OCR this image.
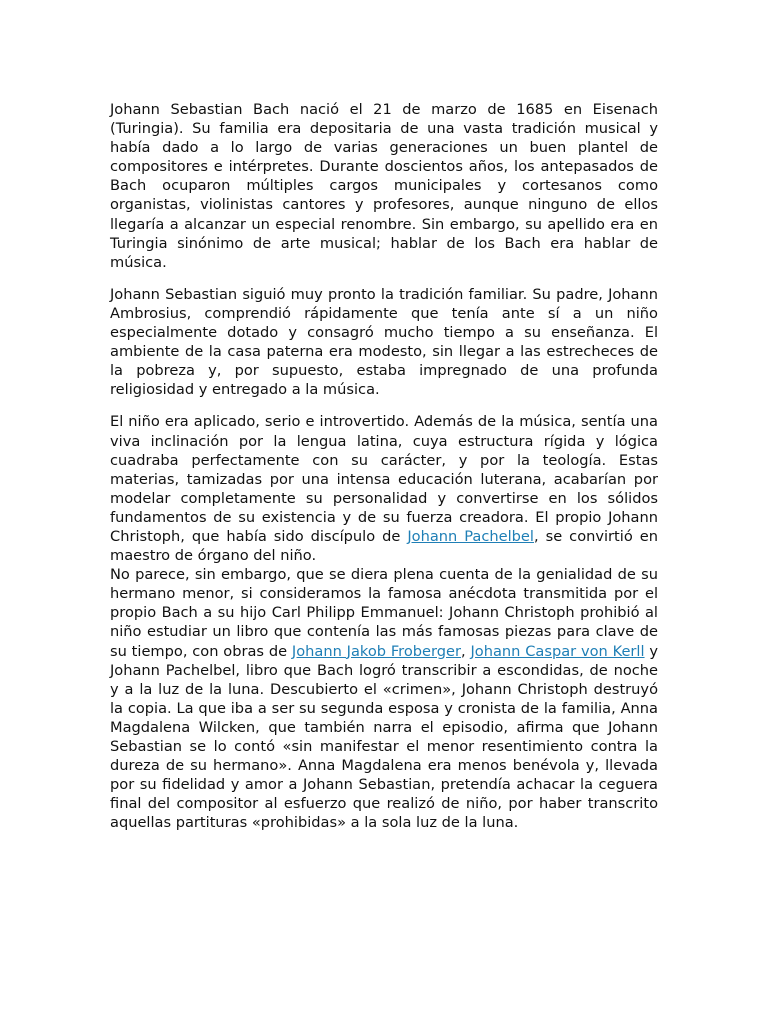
Johann Sebastian Bach nació el 21 de marzo de 1685 en Eisenach (Turingia). Su familia era depositaria de una vasta tradición musical y había dado a lo largo de varias generaciones un buen plantel de compositores e intérpretes. Durante doscientos años, los antepasados de Bach ocuparon múltiples cargos municipales y cortesanos como organistas, violinistas cantores y profesores, aunque ninguno de ellos llegaría a alcanzar un especial renombre. Sin embargo, su apellido era en Turingia sinónimo de arte musical; hablar de los Bach era hablar de música.

Johann Sebastian siguió muy pronto la tradición familiar. Su padre, Johann Ambrosius, comprendió rápidamente que tenía ante sí a un niño especialmente dotado y consagró mucho tiempo a su enseñanza. El ambiente de la casa paterna era modesto, sin llegar a las estrecheces de la pobreza y, por supuesto, estaba impregnado de una profunda religiosidad y entregado a la música.

El niño era aplicado, serio e introvertido. Además de la música, sentía una viva inclinación por la lengua latina, cuya estructura rígida y lógica cuadraba perfectamente con su carácter, y por la teología. Estas materias, tamizadas por una intensa educación luterana, acabarían por modelar completamente su personalidad y convertirse en los sólidos fundamentos de su existencia y de su fuerza creadora. El propio Johann Christoph, que había sido discípulo de Johann Pachelbel, se convirtió en maestro de órgano del niño.

No parece, sin embargo, que se diera plena cuenta de la genialidad de su hermano menor, si consideramos la famosa anécdota transmitida por el propio Bach a su hijo Carl Philipp Emmanuel: Johann Christoph prohibió al niño estudiar un libro que contenía las más famosas piezas para clave de su tiempo, con obras de Johann Jakob Froberger, Johann Caspar von Kerll y Johann Pachelbel, libro que Bach logró transcribir a escondidas, de noche y a la luz de la luna. Descubierto el «crimen», Johann Christoph destruyó la copia. La que iba a ser su segunda esposa y cronista de la familia, Anna Magdalena Wilcken, que también narra el episodio, afirma que Johann Sebastian se lo contó «sin manifestar el menor resentimiento contra la dureza de su hermano». Anna Magdalena era menos benévola y, llevada por su fidelidad y amor a Johann Sebastian, pretendía achacar la ceguera final del compositor al esfuerzo que realizó de niño, por haber transcrito aquellas partituras «prohibidas» a la sola luz de la luna.
